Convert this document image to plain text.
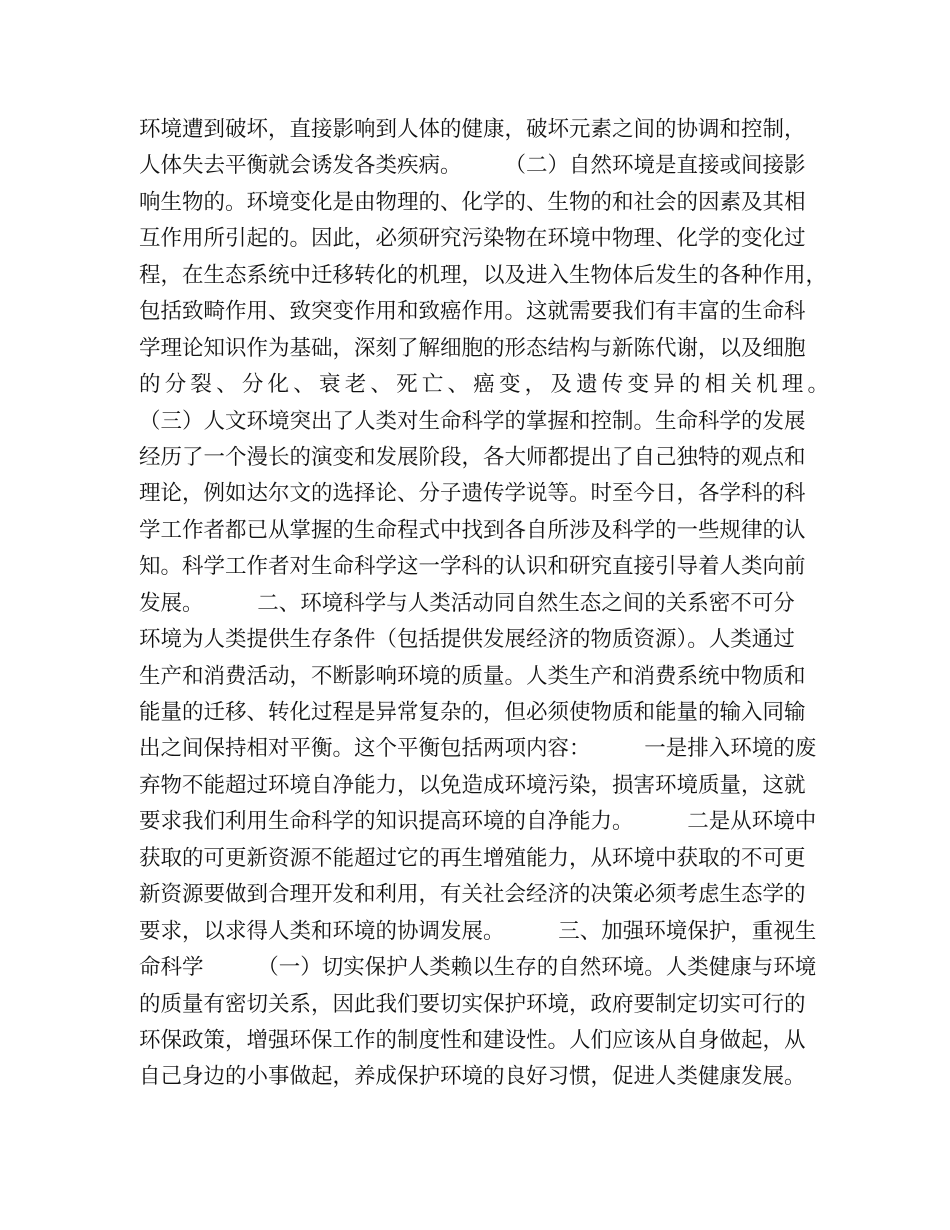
环境遭到破坏，直接影响到人体的健康，破坏元素之间的协调和控制，
人体失去平衡就会诱发各类疾病。　　　（二）自然环境是直接或间接影
响生物的。环境变化是由物理的、化学的、生物的和社会的因素及其相
互作用所引起的。因此，必须研究污染物在环境中物理、化学的变化过
程，在生态系统中迁移转化的机理，以及进入生物体后发生的各种作用，
包括致畸作用、致突变作用和致癌作用。这就需要我们有丰富的生命科
学理论知识作为基础，深刻了解细胞的形态结构与新陈代谢，以及细胞
的分裂、分化、衰老、死亡、癌变，及遗传变异的相关机理。
（三）人文环境突出了人类对生命科学的掌握和控制。生命科学的发展
经历了一个漫长的演变和发展阶段，各大师都提出了自己独特的观点和
理论，例如达尔文的选择论、分子遗传学说等。时至今日，各学科的科
学工作者都已从掌握的生命程式中找到各自所涉及科学的一些规律的认
知。科学工作者对生命科学这一学科的认识和研究直接引导着人类向前
发展。　　　二、环境科学与人类活动同自然生态之间的关系密不可分
环境为人类提供生存条件（包括提供发展经济的物质资源）。人类通过
生产和消费活动，不断影响环境的质量。人类生产和消费系统中物质和
能量的迁移、转化过程是异常复杂的，但必须使物质和能量的输入同输
出之间保持相对平衡。这个平衡包括两项内容：　　　一是排入环境的废
弃物不能超过环境自净能力，以免造成环境污染，损害环境质量，这就
要求我们利用生命科学的知识提高环境的自净能力。　　　二是从环境中
获取的可更新资源不能超过它的再生增殖能力，从环境中获取的不可更
新资源要做到合理开发和利用，有关社会经济的决策必须考虑生态学的
要求，以求得人类和环境的协调发展。　　　三、加强环境保护，重视生
命科学　　　（一）切实保护人类赖以生存的自然环境。人类健康与环境
的质量有密切关系，因此我们要切实保护环境，政府要制定切实可行的
环保政策，增强环保工作的制度性和建设性。人们应该从自身做起，从
自己身边的小事做起，养成保护环境的良好习惯，促进人类健康发展。
